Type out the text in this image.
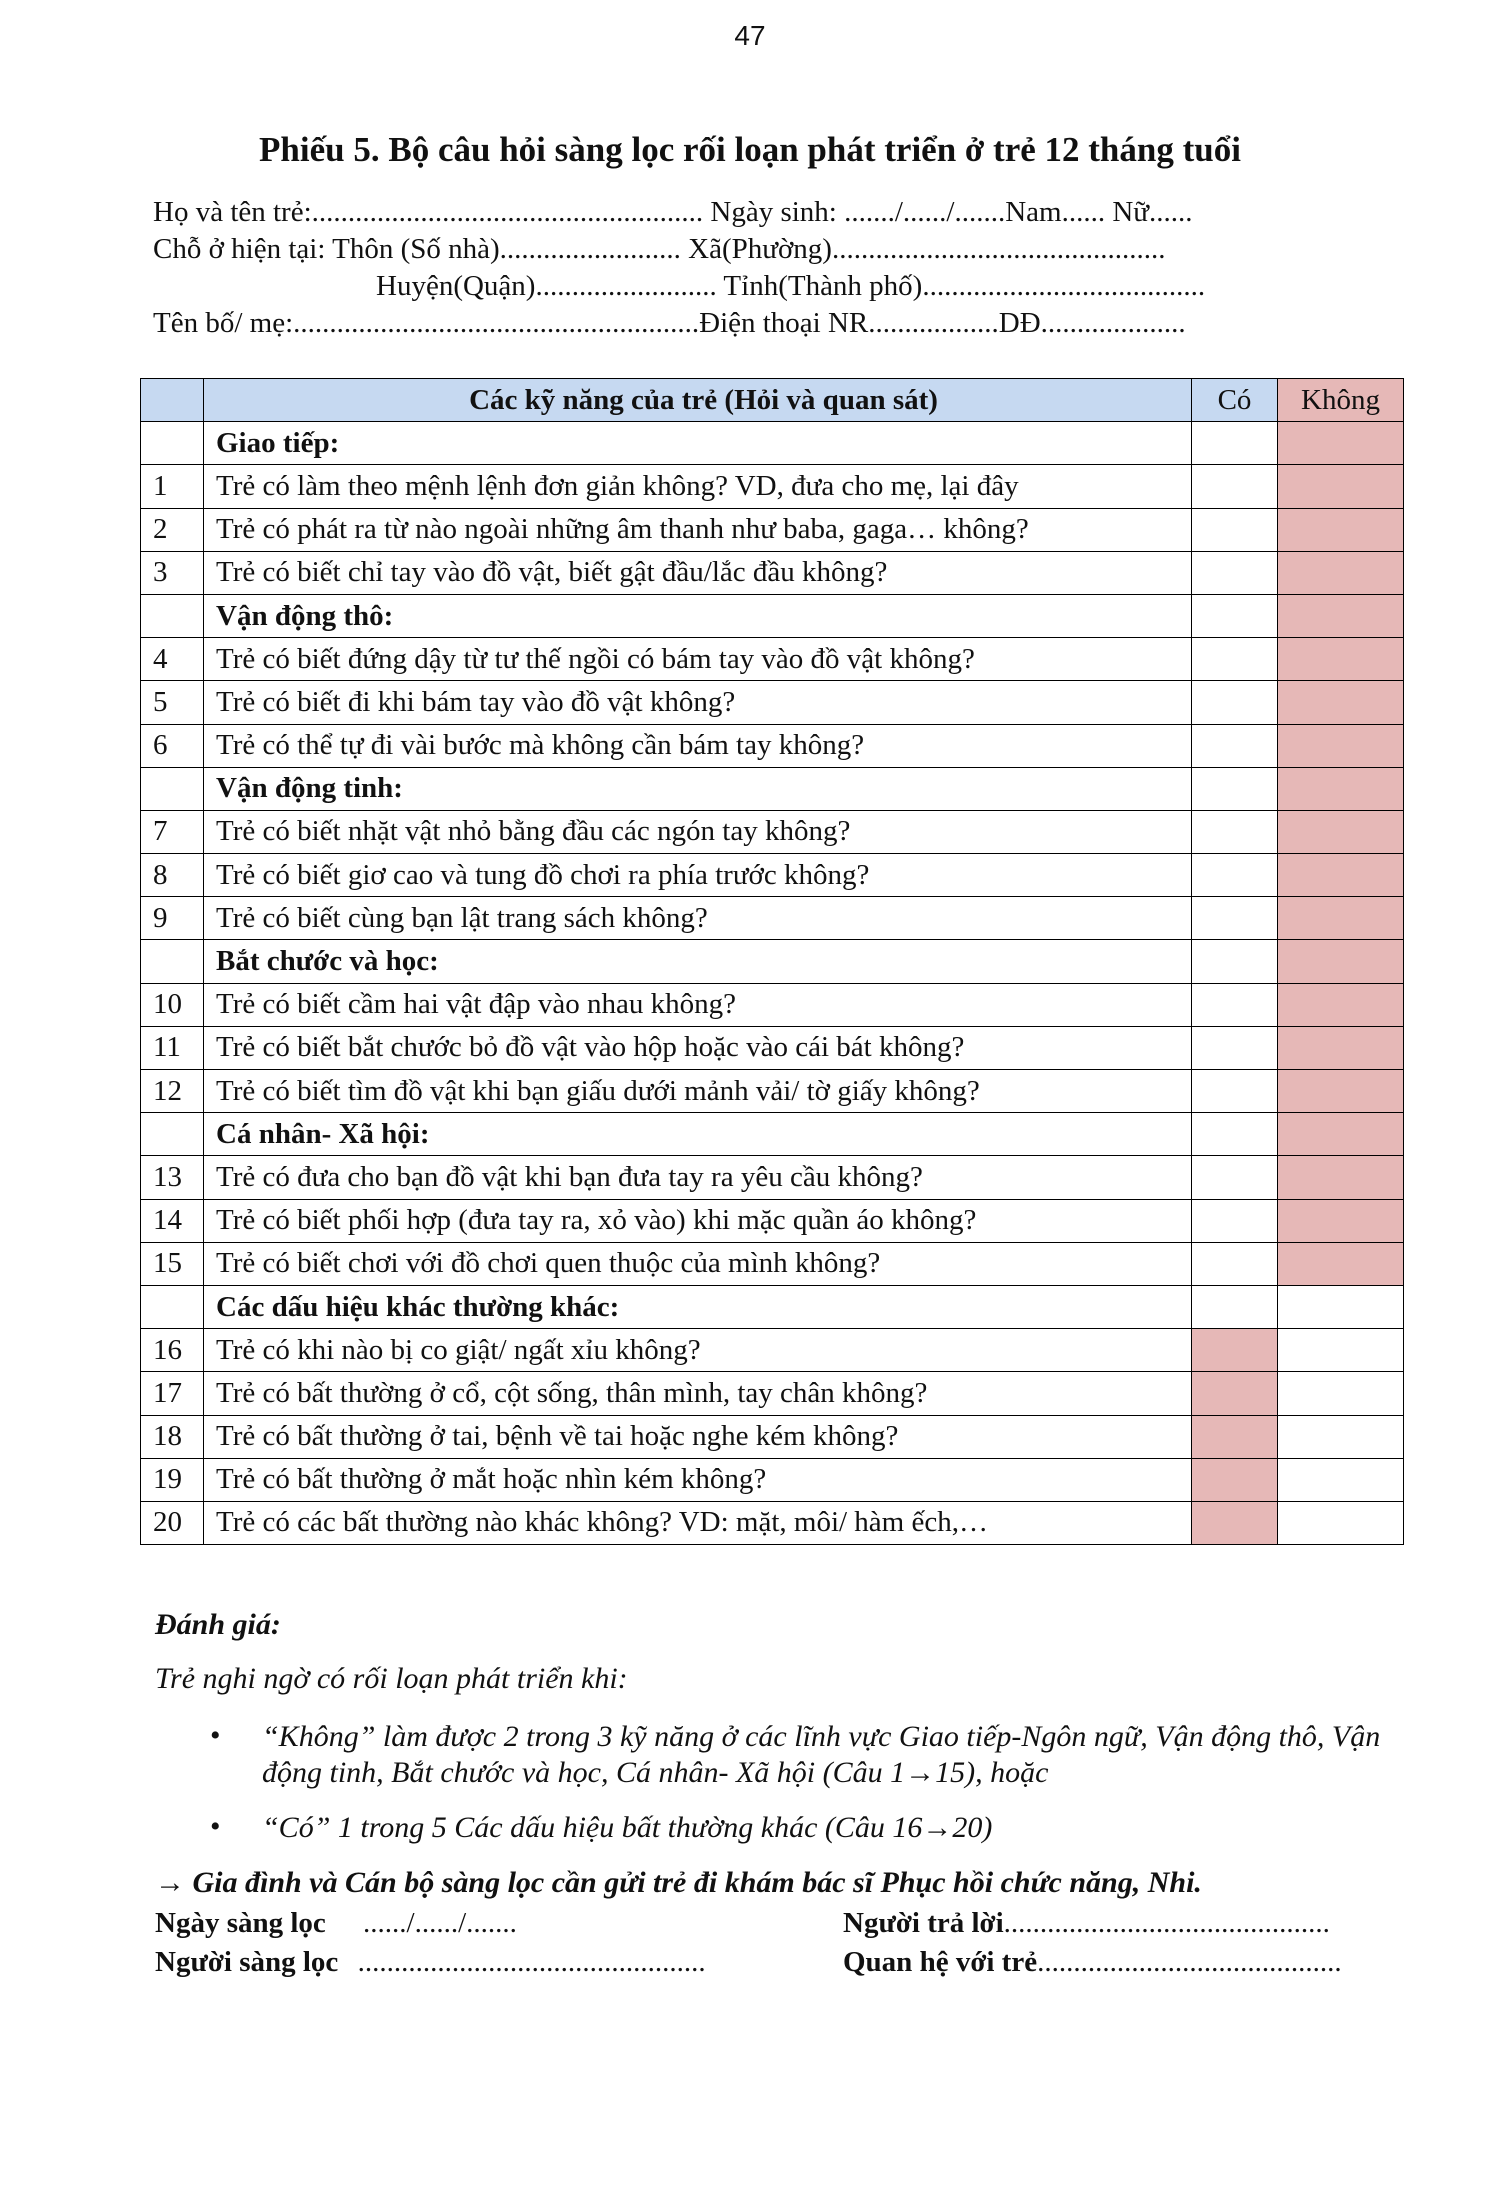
47
Phiếu 5. Bộ câu hỏi sàng lọc rối loạn phát triển ở trẻ 12 tháng tuổi
Họ và tên trẻ:...................................................... Ngày sinh: ......./....../.......Nam...... Nữ......
Chỗ ở hiện tại: Thôn (Số nhà)......................... Xã(Phường)..............................................
Huyện(Quận)......................... Tỉnh(Thành phố).......................................
Tên bố/ mẹ:........................................................Điện thoại NR..................DĐ....................
	Các kỹ năng của trẻ (Hỏi và quan sát)	Có	Không
	Giao tiếp:		
1	Trẻ có làm theo mệnh lệnh đơn giản không? VD, đưa cho mẹ, lại đây		
2	Trẻ có phát ra từ nào ngoài những âm thanh như baba, gaga… không?		
3	Trẻ có biết chỉ tay vào đồ vật, biết gật đầu/lắc đầu không?		
	Vận động thô:		
4	Trẻ có biết đứng dậy từ tư thế ngồi có bám tay vào đồ vật không?		
5	Trẻ có biết đi khi bám tay vào đồ vật không?		
6	Trẻ có thể tự đi vài bước mà không cần bám tay không?		
	Vận động tinh:		
7	Trẻ có biết nhặt vật nhỏ bằng đầu các ngón tay không?		
8	Trẻ có biết giơ cao và tung đồ chơi ra phía trước không?		
9	Trẻ có biết cùng bạn lật trang sách không?		
	Bắt chước và học:		
10	Trẻ có biết cầm hai vật đập vào nhau không?		
11	Trẻ có biết bắt chước bỏ đồ vật vào hộp hoặc vào cái bát không?		
12	Trẻ có biết tìm đồ vật khi bạn giấu dưới mảnh vải/ tờ giấy không?		
	Cá nhân- Xã hội:		
13	Trẻ có đưa cho bạn đồ vật khi bạn đưa tay ra yêu cầu không?		
14	Trẻ có biết phối hợp (đưa tay ra, xỏ vào) khi mặc quần áo không?		
15	Trẻ có biết chơi với đồ chơi quen thuộc của mình không?		
	Các dấu hiệu khác thường khác:		
16	Trẻ có khi nào bị co giật/ ngất xỉu không?		
17	Trẻ có bất thường ở cổ, cột sống, thân mình, tay chân không?		
18	Trẻ có bất thường ở tai, bệnh về tai hoặc nghe kém không?		
19	Trẻ có bất thường ở mắt hoặc nhìn kém không?		
20	Trẻ có các bất thường nào khác không? VD: mặt, môi/ hàm ếch,…		
Đánh giá:
Trẻ nghi ngờ có rối loạn phát triển khi:
• “Không” làm được 2 trong 3 kỹ năng ở các lĩnh vực Giao tiếp-Ngôn ngữ, Vận động thô, Vận động tinh, Bắt chước và học, Cá nhân- Xã hội (Câu 1→15), hoặc
• “Có” 1 trong 5 Các dấu hiệu bất thường khác (Câu 16→20)
→ Gia đình và Cán bộ sàng lọc cần gửi trẻ đi khám bác sĩ Phục hồi chức năng, Nhi.
Ngày sàng lọc ....../....../.......	Người trả lời.............................................
Người sàng lọc ................................................	Quan hệ với trẻ..........................................
